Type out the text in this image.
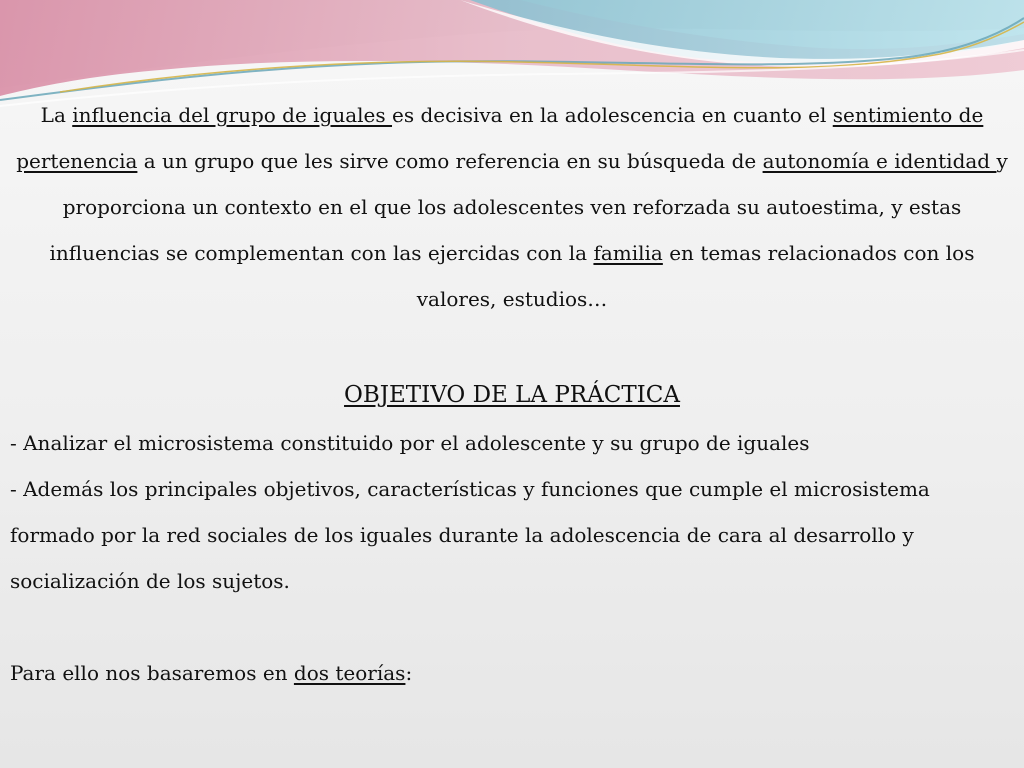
La influencia del grupo de iguales es decisiva en la adolescencia en cuanto el sentimiento de pertenencia a un grupo que les sirve como referencia en su búsqueda de autonomía e identidad y proporciona un contexto en el que los adolescentes ven reforzada su autoestima, y estas influencias se complementan con las ejercidas con la familia en temas relacionados con los valores, estudios…

OBJETIVO DE LA PRÁCTICA

- Analizar el microsistema constituido por el adolescente y su grupo de iguales

- Además los principales objetivos, características y funciones que cumple el microsistema formado por la red sociales de los iguales durante la adolescencia de cara al desarrollo y socialización de los sujetos.

Para ello nos basaremos en dos teorías:
